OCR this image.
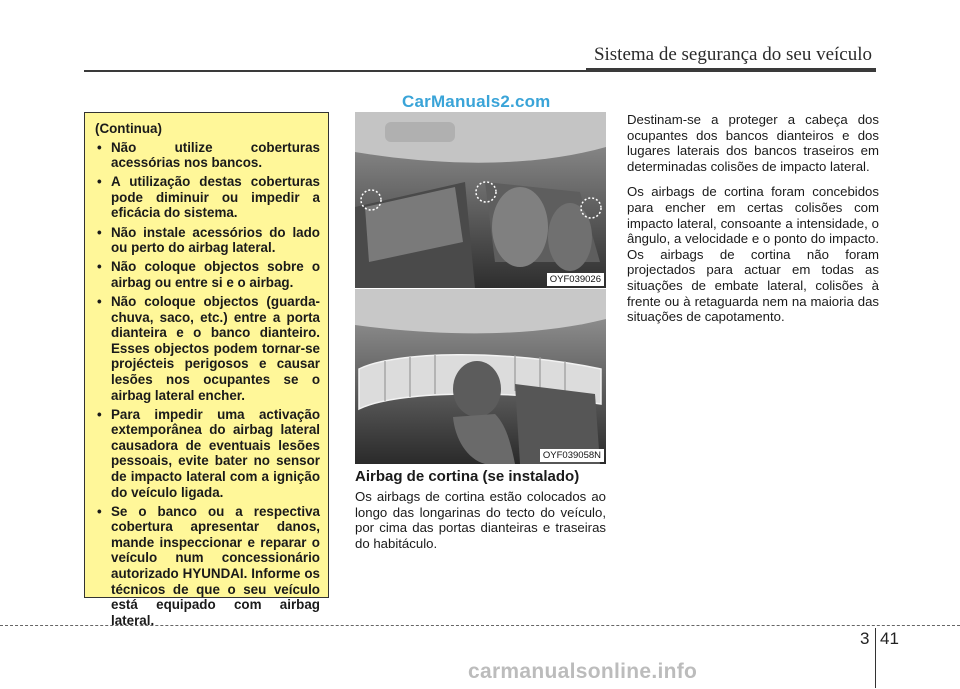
Sistema de segurança do seu veículo
CarManuals2.com
(Continua)
• Não utilize coberturas acessórias nos bancos.
• A utilização destas coberturas pode diminuir ou impedir a eficácia do sistema.
• Não instale acessórios do lado ou perto do airbag lateral.
• Não coloque objectos sobre o airbag ou entre si e o airbag.
• Não coloque objectos (guarda-chuva, saco, etc.) entre a porta dianteira e o banco dianteiro. Esses objectos podem tornar-se projécteis perigosos e causar lesões nos ocupantes se o airbag lateral encher.
• Para impedir uma activação extemporânea do airbag lateral causadora de eventuais lesões pessoais, evite bater no sensor de impacto lateral com a ignição do veículo ligada.
• Se o banco ou a respectiva cobertura apresentar danos, mande inspeccionar e reparar o veículo num concessionário autorizado HYUNDAI. Informe os técnicos de que o seu veículo está equipado com airbag lateral.
OYF039026
OYF039058N
Airbag de cortina (se instalado)
Os airbags de cortina estão colocados ao longo das longarinas do tecto do veículo, por cima das portas dianteiras e traseiras do habitáculo.

Destinam-se a proteger a cabeça dos ocupantes dos bancos dianteiros e dos lugares laterais dos bancos traseiros em determinadas colisões de impacto lateral.

Os airbags de cortina foram concebidos para encher em certas colisões com impacto lateral, consoante a intensidade, o ângulo, a velocidade e o ponto do impacto. Os airbags de cortina não foram projectados para actuar em todas as situações de embate lateral, colisões à frente ou à retaguarda nem na maioria das situações de capotamento.

3 41
carmanualsonline.info
